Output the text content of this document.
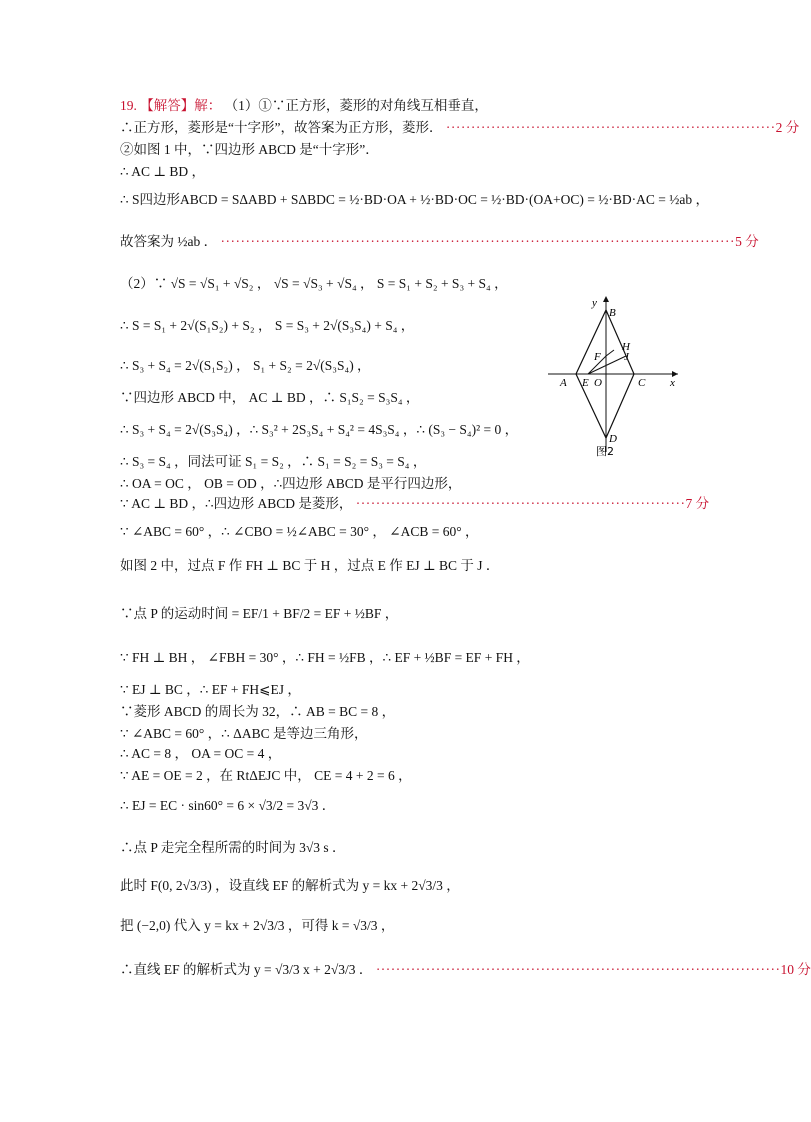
19. 【解答】解： （1）①∵正方形，菱形的对角线互相垂直，
∴正方形，菱形是“十字形”，故答案为正方形，菱形． ··································································2 分
②如图 1 中，∵四边形 ABCD 是“十字形”．
∴ AC ⊥ BD ，
∴ S四边形ABCD = SΔABD + SΔBDC = ½·BD·OA + ½·BD·OC = ½·BD·(OA+OC) = ½·BD·AC = ½ab ，
故答案为 ½ab ． ·······································································································5 分
（2）∵ √S = √S₁ + √S₂ ， √S = √S₃ + √S₄ ， S = S₁ + S₂ + S₃ + S₄ ，
∴ S = S₁ + 2√(S₁S₂) + S₂ ， S = S₃ + 2√(S₃S₄) + S₄ ，
∴ S₃ + S₄ = 2√(S₁S₂) ， S₁ + S₂ = 2√(S₃S₄) ，
∵四边形 ABCD 中， AC ⊥ BD ，∴ S₁S₂ = S₃S₄ ，
∴ S₃ + S₄ = 2√(S₃S₄) ，∴ S₃² + 2S₃S₄ + S₄² = 4S₃S₄ ，∴ (S₃ − S₄)² = 0 ，
∴ S₃ = S₄ ，同法可证 S₁ = S₂ ，∴ S₁ = S₂ = S₃ = S₄ ，
∴ OA = OC ， OB = OD ，∴四边形 ABCD 是平行四边形，
∵ AC ⊥ BD ，∴四边形 ABCD 是菱形， ··································································7 分
∵ ∠ABC = 60° ，∴ ∠CBO = ½∠ABC = 30° ， ∠ACB = 60° ，
如图 2 中，过点 F 作 FH ⊥ BC 于 H ，过点 E 作 EJ ⊥ BC 于 J ．
∵点 P 的运动时间 = EF/1 + BF/2 = EF + ½BF ，
∵ FH ⊥ BH ， ∠FBH = 30° ，∴ FH = ½FB ，∴ EF + ½BF = EF + FH ，
∵ EJ ⊥ BC ，∴ EF + FH⩽EJ ，
∵菱形 ABCD 的周长为 32，∴ AB = BC = 8 ，
∵ ∠ABC = 60° ，∴ ΔABC 是等边三角形，
∴ AC = 8 ， OA = OC = 4 ，
∵ AE = OE = 2 ，在 RtΔEJC 中， CE = 4 + 2 = 6 ，
∴ EJ = EC · sin60° = 6 × √3/2 = 3√3 ．
∴点 P 走完全程所需的时间为 3√3 s ．
此时 F(0, 2√3/3) ，设直线 EF 的解析式为 y = kx + 2√3/3 ，
把 (−2,0) 代入 y = kx + 2√3/3 ，可得 k = √3/3 ，
∴直线 EF 的解析式为 y = √3/3 x + 2√3/3 ． ·················································································10 分
y
B
H
F J
A E O	C x
D
图2
